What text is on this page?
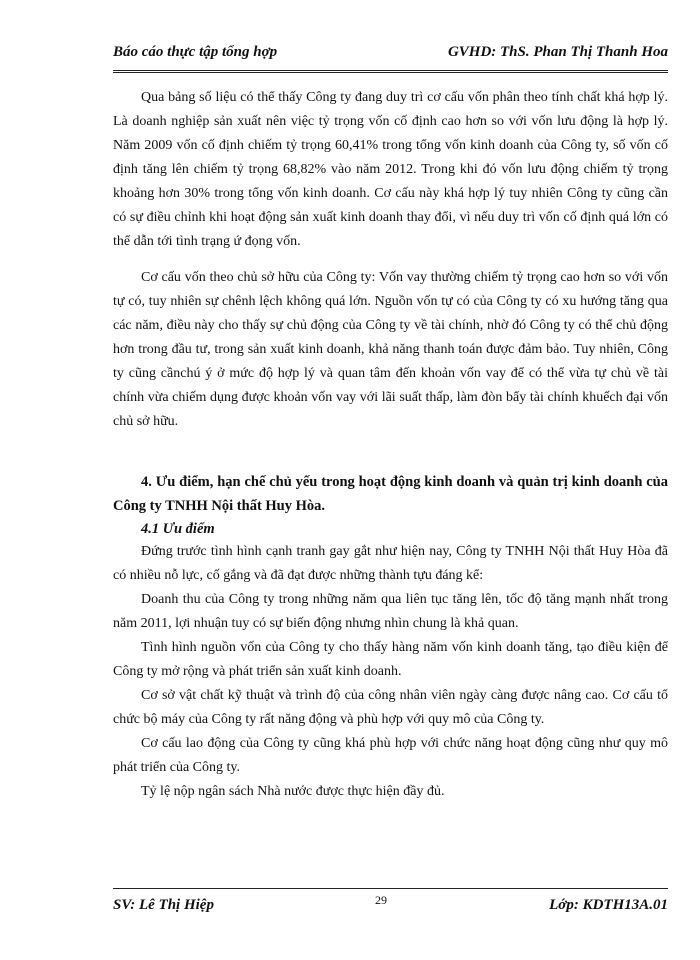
Báo cáo thực tập tổng hợp	GVHD: ThS. Phan Thị Thanh Hoa

Qua bảng số liệu có thể thấy Công ty đang duy trì cơ cấu vốn phân theo tính chất khá hợp lý. Là doanh nghiệp sản xuất nên việc tỷ trọng vốn cố định cao hơn so với vốn lưu động là hợp lý. Năm 2009 vốn cố định chiếm tỷ trọng 60,41% trong tổng vốn kinh doanh của Công ty, số vốn cố định tăng lên chiếm tỷ trọng 68,82% vào năm 2012. Trong khi đó vốn lưu động chiếm tỷ trọng khoảng hơn 30% trong tổng vốn kinh doanh. Cơ cấu này khá hợp lý tuy nhiên Công ty cũng cần có sự điều chỉnh khi hoạt động sản xuất kinh doanh thay đổi, vì nếu duy trì vốn cố định quá lớn có thể dẫn tới tình trạng ứ đọng vốn.

Cơ cấu vốn theo chủ sở hữu của Công ty: Vốn vay thường chiếm tỷ trọng cao hơn so với vốn tự có, tuy nhiên sự chênh lệch không quá lớn. Nguồn vốn tự có của Công ty có xu hướng tăng qua các năm, điều này cho thấy sự chủ động của Công ty về tài chính, nhờ đó Công ty có thể chủ động hơn trong đầu tư, trong sản xuất kinh doanh, khả năng thanh toán được đảm bảo. Tuy nhiên, Công ty cũng cầnchú ý ở mức độ hợp lý và quan tâm đến khoản vốn vay để có thể vừa tự chủ về tài chính vừa chiếm dụng được khoản vốn vay với lãi suất thấp, làm đòn bẩy tài chính khuếch đại vốn chủ sở hữu.

4. Ưu điểm, hạn chế chủ yếu trong hoạt động kinh doanh và quản trị kinh doanh của Công ty TNHH Nội thất Huy Hòa.
4.1 Ưu điểm

Đứng trước tình hình cạnh tranh gay gắt như hiện nay, Công ty TNHH Nội thất Huy Hòa đã có nhiều nỗ lực, cố gắng và đã đạt được những thành tựu đáng kể:

Doanh thu của Công ty trong những năm qua liên tục tăng lên, tốc độ tăng mạnh nhất trong năm 2011, lợi nhuận tuy có sự biến động nhưng nhìn chung là khả quan.

Tình hình nguồn vốn của Công ty cho thấy hàng năm vốn kinh doanh tăng, tạo điều kiện để Công ty mở rộng và phát triển sản xuất kinh doanh.

Cơ sở vật chất kỹ thuật và trình độ của công nhân viên ngày càng được nâng cao. Cơ cấu tổ chức bộ máy của Công ty rất năng động và phù hợp với quy mô của Công ty.

Cơ cấu lao động của Công ty cũng khá phù hợp với chức năng hoạt động cũng như quy mô phát triển của Công ty.

Tỷ lệ nộp ngân sách Nhà nước được thực hiện đầy đủ.

SV: Lê Thị Hiệp	29	Lớp: KDTH13A.01
